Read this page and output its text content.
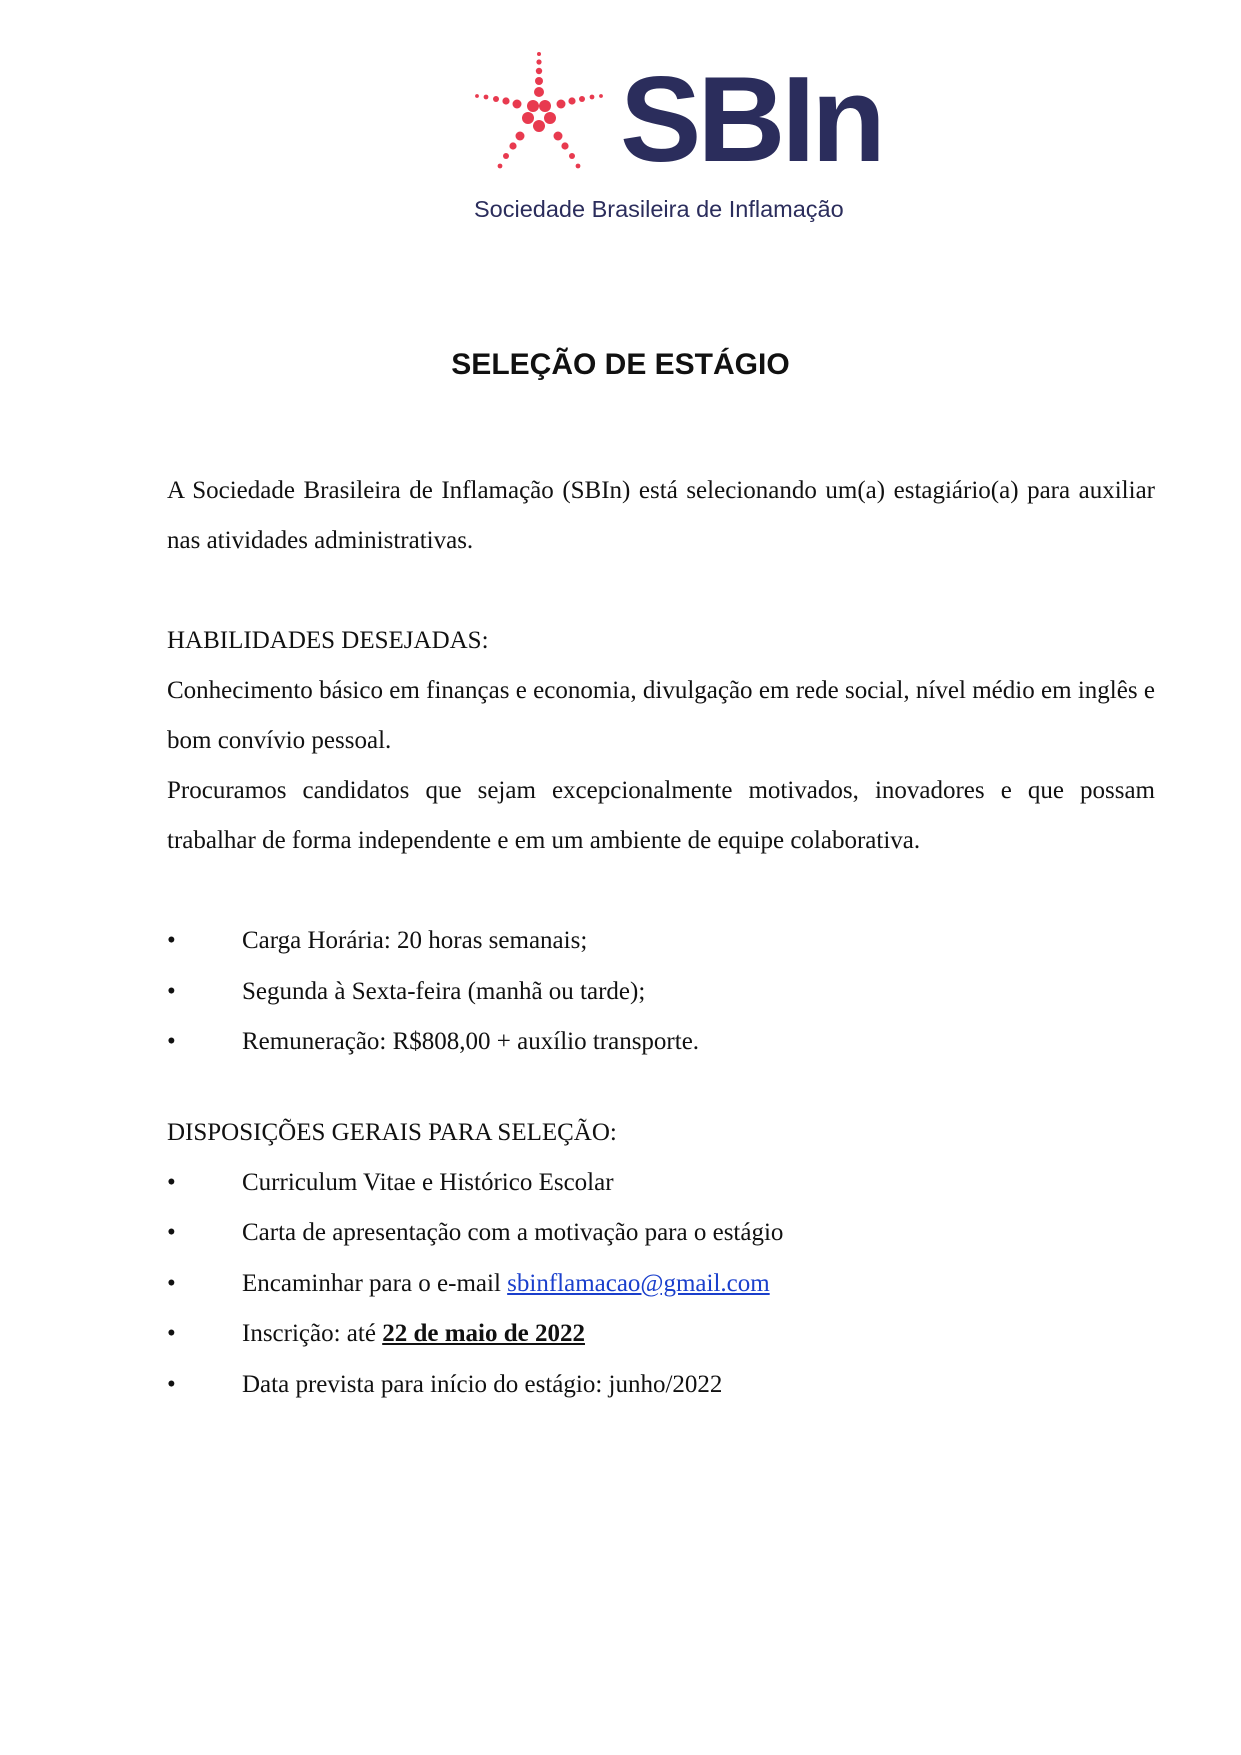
SBIn
Sociedade Brasileira de Inflamação
SELEÇÃO DE ESTÁGIO

A Sociedade Brasileira de Inflamação (SBIn) está selecionando um(a) estagiário(a) para auxiliar nas atividades administrativas.

HABILIDADES DESEJADAS:

Conhecimento básico em finanças e economia, divulgação em rede social, nível médio em inglês e bom convívio pessoal.

Procuramos candidatos que sejam excepcionalmente motivados, inovadores e que possam trabalhar de forma independente e em um ambiente de equipe colaborativa.

•	Carga Horária: 20 horas semanais;
•	Segunda à Sexta-feira (manhã ou tarde);
•	Remuneração: R$808,00 + auxílio transporte.

DISPOSIÇÕES GERAIS PARA SELEÇÃO:

•	Curriculum Vitae e Histórico Escolar
•	Carta de apresentação com a motivação para o estágio
•	Encaminhar para o e-mail sbinflamacao@gmail.com
•	Inscrição: até 22 de maio de 2022
•	Data prevista para início do estágio: junho/2022
